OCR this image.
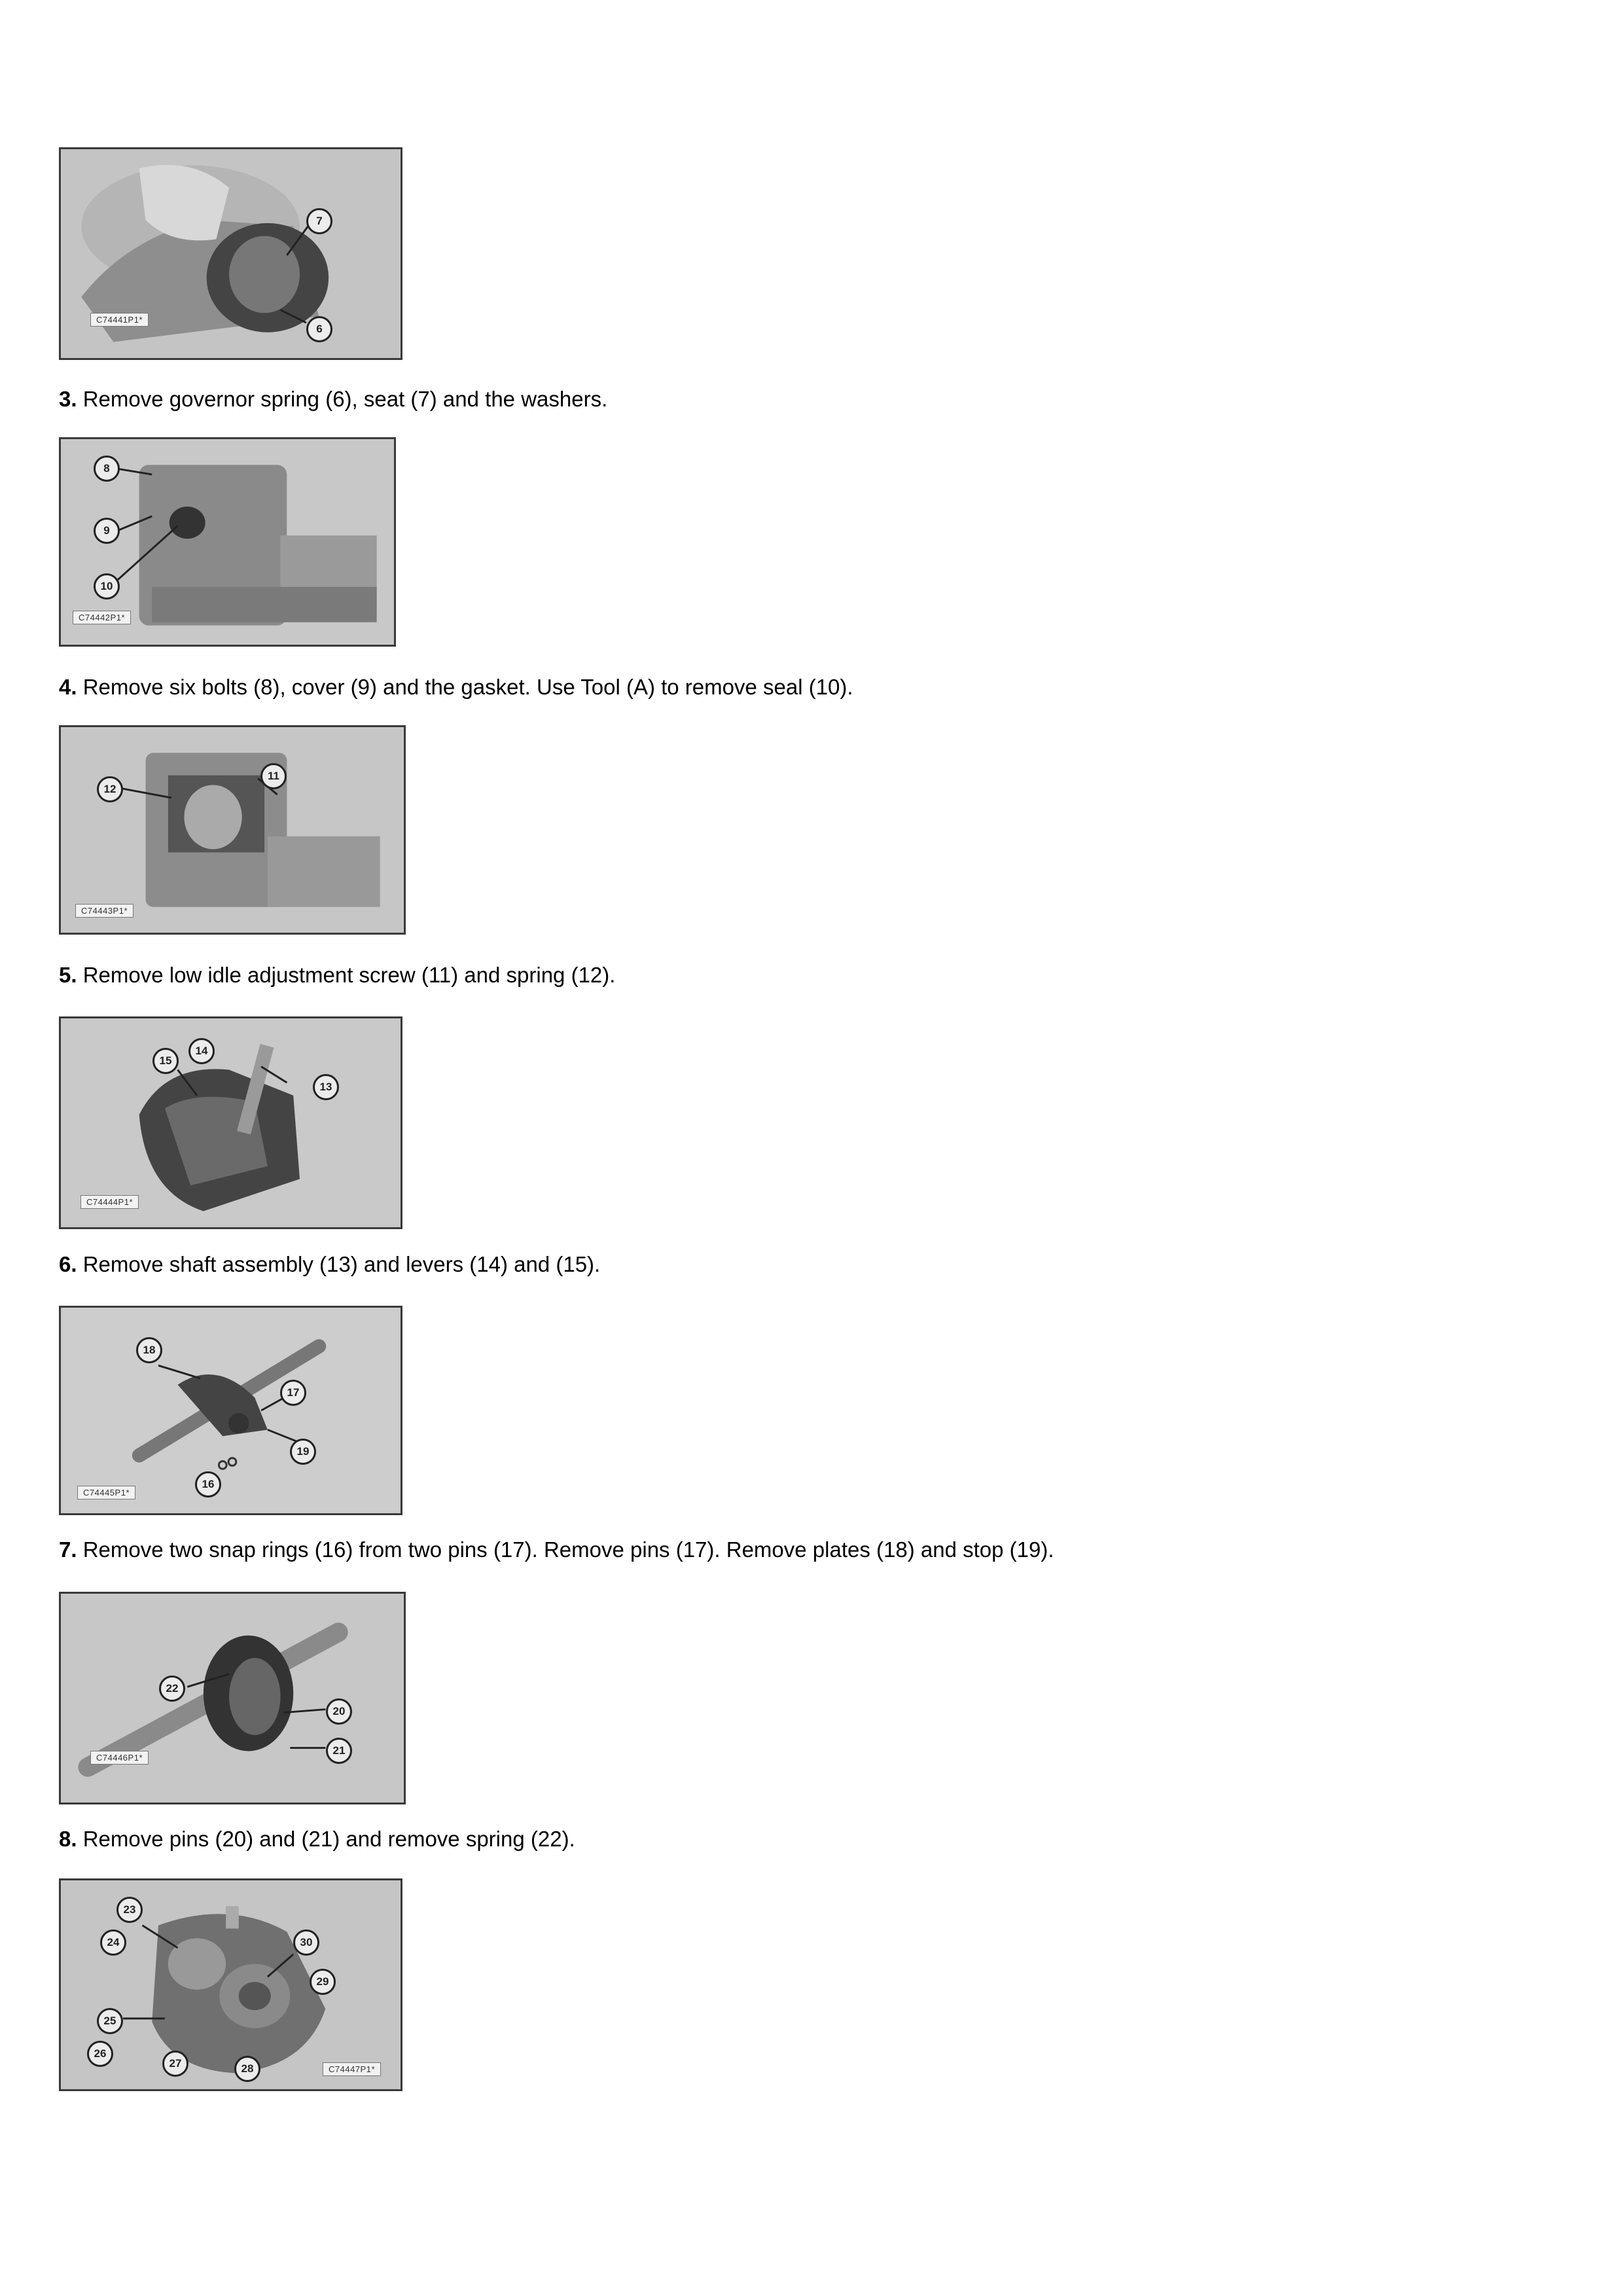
7
6
C74441P1*
3. Remove governor spring (6), seat (7) and the washers.
8
9
10
C74442P1*
4. Remove six bolts (8), cover (9) and the gasket. Use Tool (A) to remove seal (10).
12
11
C74443P1*
5. Remove low idle adjustment screw (11) and spring (12).
15
14
13
C74444P1*
6. Remove shaft assembly (13) and levers (14) and (15).
18
17
19
16
C74445P1*
7. Remove two snap rings (16) from two pins (17). Remove pins (17). Remove plates (18) and stop (19).
22
20
21
C74446P1*
8. Remove pins (20) and (21) and remove spring (22).
23
24
25
26
27	28
30
29
C74447P1*
